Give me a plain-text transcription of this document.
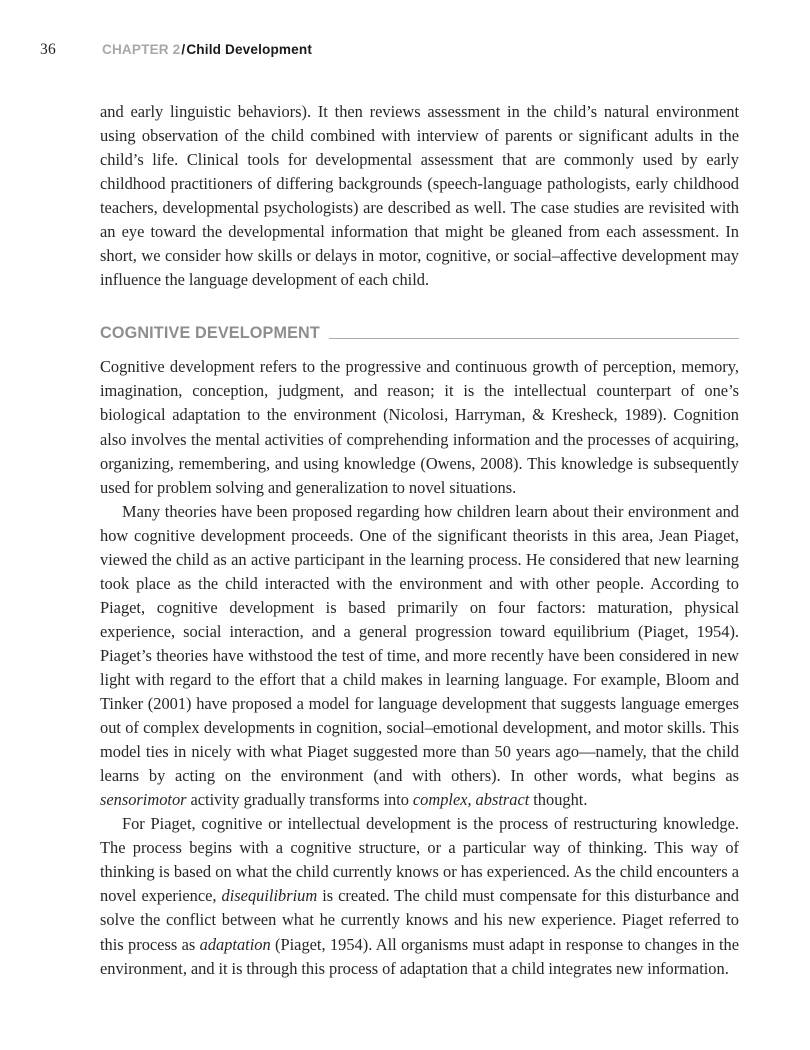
36	CHAPTER 2/Child Development

and early linguistic behaviors). It then reviews assessment in the child’s natural environment using observation of the child combined with interview of parents or significant adults in the child’s life. Clinical tools for developmental assessment that are commonly used by early childhood practitioners of differing backgrounds (speech-language pathologists, early childhood teachers, developmental psychologists) are described as well. The case studies are revisited with an eye toward the developmental information that might be gleaned from each assessment. In short, we consider how skills or delays in motor, cognitive, or social–affective development may influence the language development of each child.

COGNITIVE DEVELOPMENT

Cognitive development refers to the progressive and continuous growth of perception, memory, imagination, conception, judgment, and reason; it is the intellectual counterpart of one’s biological adaptation to the environment (Nicolosi, Harryman, & Kresheck, 1989). Cognition also involves the mental activities of comprehending information and the processes of acquiring, organizing, remembering, and using knowledge (Owens, 2008). This knowledge is subsequently used for problem solving and generalization to novel situations.

Many theories have been proposed regarding how children learn about their environment and how cognitive development proceeds. One of the significant theorists in this area, Jean Piaget, viewed the child as an active participant in the learning process. He considered that new learning took place as the child interacted with the environment and with other people. According to Piaget, cognitive development is based primarily on four factors: maturation, physical experience, social interaction, and a general progression toward equilibrium (Piaget, 1954). Piaget’s theories have withstood the test of time, and more recently have been considered in new light with regard to the effort that a child makes in learning language. For example, Bloom and Tinker (2001) have proposed a model for language development that suggests language emerges out of complex developments in cognition, social–emotional development, and motor skills. This model ties in nicely with what Piaget suggested more than 50 years ago—namely, that the child learns by acting on the environment (and with others). In other words, what begins as sensorimotor activity gradually transforms into complex, abstract thought.

For Piaget, cognitive or intellectual development is the process of restructuring knowledge. The process begins with a cognitive structure, or a particular way of thinking. This way of thinking is based on what the child currently knows or has experienced. As the child encounters a novel experience, disequilibrium is created. The child must compensate for this disturbance and solve the conflict between what he currently knows and his new experience. Piaget referred to this process as adaptation (Piaget, 1954). All organisms must adapt in response to changes in the environment, and it is through this process of adaptation that a child integrates new information.
